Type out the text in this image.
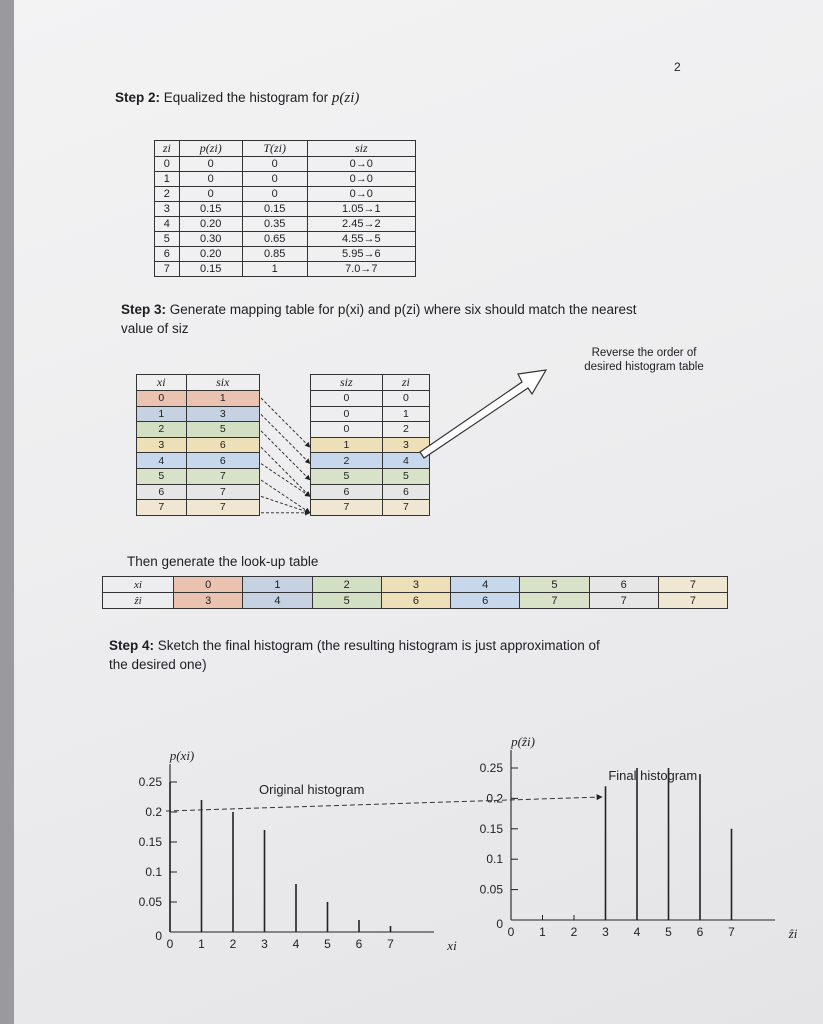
2
Step 2: Equalized the histogram for p(zi)
Step 3: Generate mapping table for p(xi) and p(zi) where six should match the nearest
value of siz
Reverse the order of
desired histogram table
Then generate the look-up table
Step 4: Sketch the final histogram (the resulting histogram is just approximation of
the desired one)
zi	p(zi)	T(zi)	siz
0	0	0	0→0
1	0	0	0→0
2	0	0	0→0
3	0.15	0.15	1.05→1
4	0.20	0.35	2.45→2
5	0.30	0.65	4.55→5
6	0.20	0.85	5.95→6
7	0.15	1	7.0→7
xi	six
0	1
1	3
2	5
3	6
4	6
5	7
6	7
7	7
siz	zi
0	0
0	1
0	2
1	3
2	4
5	5
6	6
7	7
xi	0	1	2	3	4	5	6	7
ẑi	3	4	5	6	6	7	7	7
0
0.05
0.1
0.15
0.2
0.25
0 1 2 3 4 5 6 7
p(xi)
xi
Original histogram
0
0.05
0.1
0.15
0.2
0.25
0 1 2 3 4 5 6 7
p(ẑi)
ẑi
Final histogram
